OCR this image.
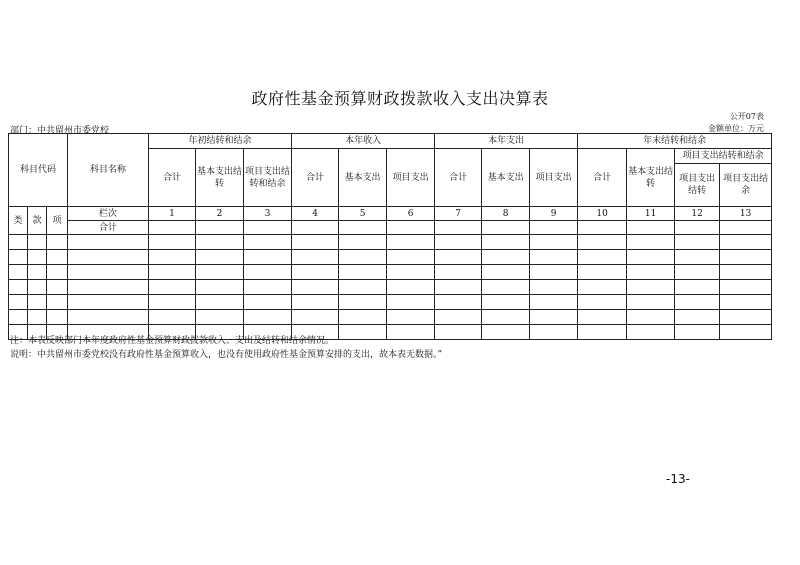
政府性基金预算财政拨款收入支出决算表
公开07表
部门：中共留州市委党校	金额单位：万元
科目代码			科目名称	年初结转和结余			本年收入			本年支出			年末结转和结余			
				合计	基本支出结转	项目支出结转和结余	合计	基本支出	项目支出	合计	基本支出	项目支出	合计	基本支出结转	项目支出结转和结余	
															项目支出结转	项目支出结余

类	款	项	栏次	1	2	3	4	5	6	7	8	9	10	11	12	13
			合计													

注：本表反映部门本年度政府性基金预算财政拨款收入、支出及结转和结余情况。
说明：中共留州市委党校没有政府性基金预算收入，也没有使用政府性基金预算安排的支出，故本表无数据。”
-13-
